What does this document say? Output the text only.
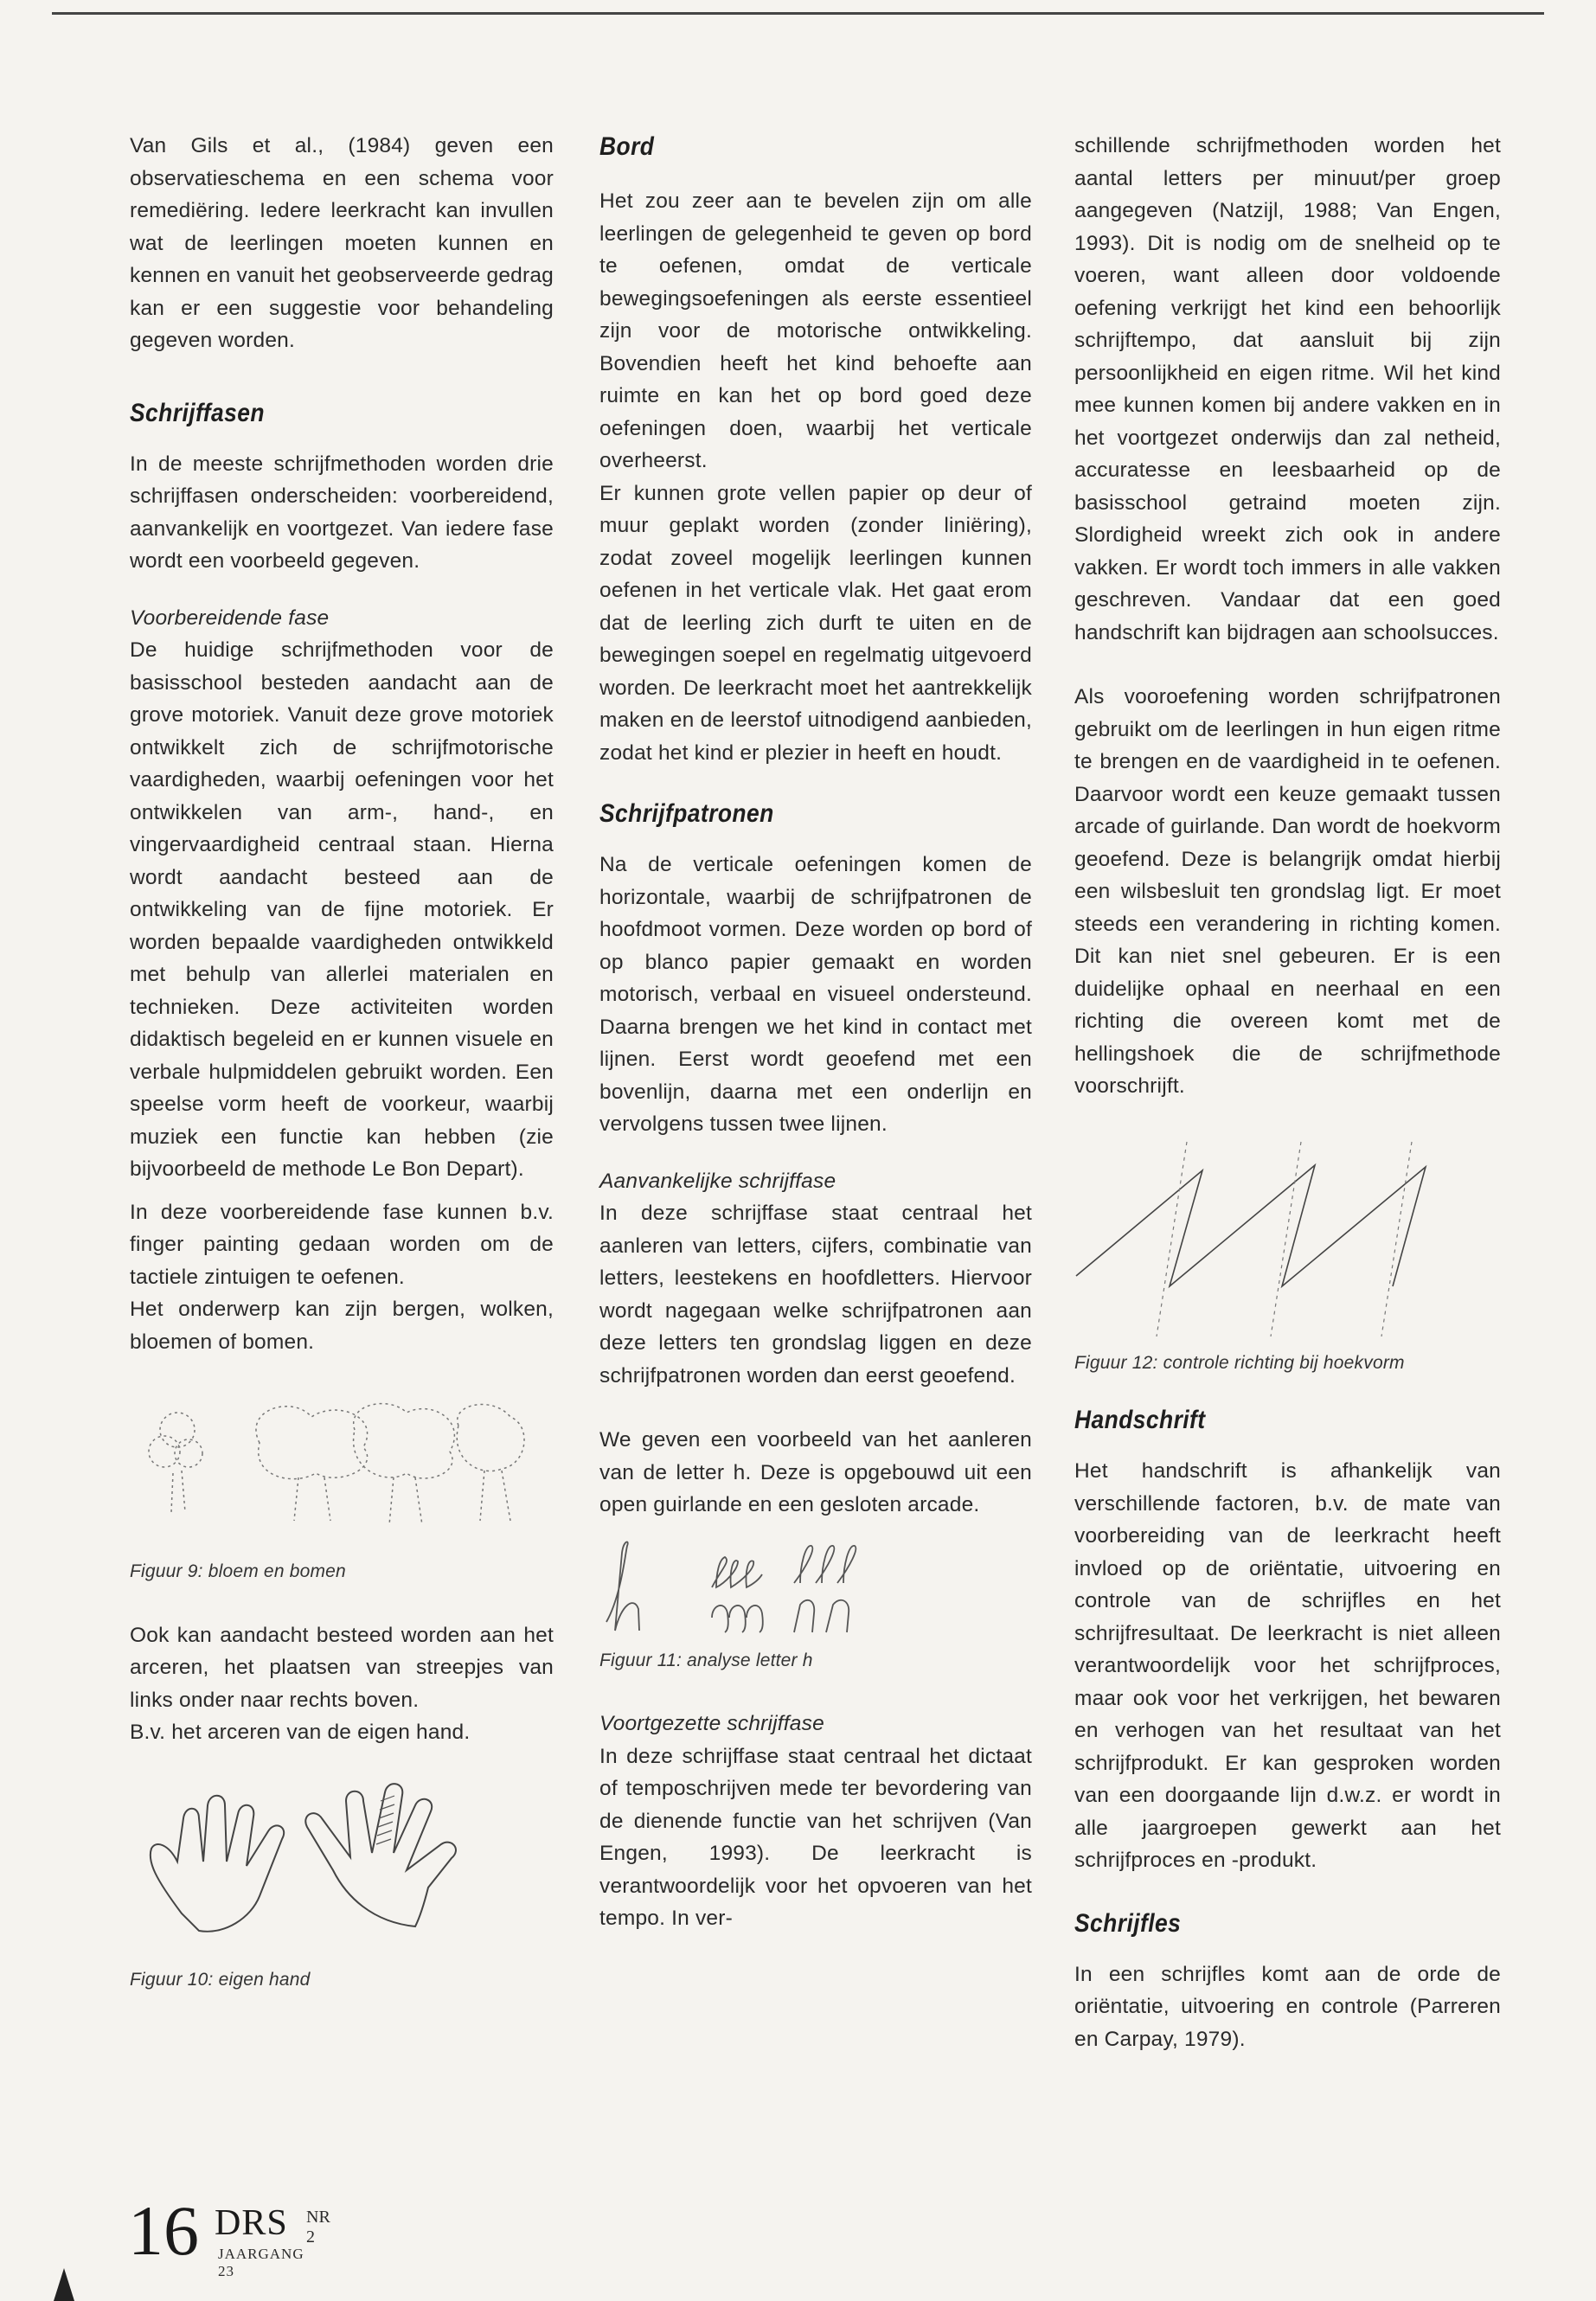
Van Gils et al., (1984) geven een observatieschema en een schema voor remediëring. Iedere leerkracht kan invullen wat de leerlingen moeten kunnen en kennen en vanuit het geobserveerde gedrag kan er een suggestie voor behandeling gegeven worden.

Schrijffasen

In de meeste schrijfmethoden worden drie schrijffasen onderscheiden: voorbereidend, aanvankelijk en voortgezet. Van iedere fase wordt een voorbeeld gegeven.

Voorbereidende fase

De huidige schrijfmethoden voor de basisschool besteden aandacht aan de grove motoriek. Vanuit deze grove motoriek ontwikkelt zich de schrijfmotorische vaardigheden, waarbij oefeningen voor het ontwikkelen van arm-, hand-, en vingervaardigheid centraal staan. Hierna wordt aandacht besteed aan de ontwikkeling van de fijne motoriek. Er worden bepaalde vaardigheden ontwikkeld met behulp van allerlei materialen en technieken. Deze activiteiten worden didaktisch begeleid en er kunnen visuele en verbale hulpmiddelen gebruikt worden. Een speelse vorm heeft de voorkeur, waarbij muziek een functie kan hebben (zie bijvoorbeeld de methode Le Bon Depart).

In deze voorbereidende fase kunnen b.v. finger painting gedaan worden om de tactiele zintuigen te oefenen.

Het onderwerp kan zijn bergen, wolken, bloemen of bomen.

Figuur 9: bloem en bomen

Ook kan aandacht besteed worden aan het arceren, het plaatsen van streepjes van links onder naar rechts boven.

B.v. het arceren van de eigen hand.

Figuur 10: eigen hand

Bord

Het zou zeer aan te bevelen zijn om alle leerlingen de gelegenheid te geven op bord te oefenen, omdat de verticale bewegingsoefeningen als eerste essentieel zijn voor de motorische ontwikkeling. Bovendien heeft het kind behoefte aan ruimte en kan het op bord goed deze oefeningen doen, waarbij het verticale overheerst.

Er kunnen grote vellen papier op deur of muur geplakt worden (zonder liniëring), zodat zoveel mogelijk leerlingen kunnen oefenen in het verticale vlak. Het gaat erom dat de leerling zich durft te uiten en de bewegingen soepel en regelmatig uitgevoerd worden. De leerkracht moet het aantrekkelijk maken en de leerstof uitnodigend aanbieden, zodat het kind er plezier in heeft en houdt.

Schrijfpatronen

Na de verticale oefeningen komen de horizontale, waarbij de schrijfpatronen de hoofdmoot vormen. Deze worden op bord of op blanco papier gemaakt en worden motorisch, verbaal en visueel ondersteund. Daarna brengen we het kind in contact met lijnen. Eerst wordt geoefend met een bovenlijn, daarna met een onderlijn en vervolgens tussen twee lijnen.

Aanvankelijke schrijffase

In deze schrijffase staat centraal het aanleren van letters, cijfers, combinatie van letters, leestekens en hoofdletters. Hiervoor wordt nagegaan welke schrijfpatronen aan deze letters ten grondslag liggen en deze schrijfpatronen worden dan eerst geoefend.

We geven een voorbeeld van het aanleren van de letter h. Deze is opgebouwd uit een open guirlande en een gesloten arcade.

Figuur 11: analyse letter h

Voortgezette schrijffase

In deze schrijffase staat centraal het dictaat of temposchrijven mede ter bevordering van de dienende functie van het schrijven (Van Engen, 1993). De leerkracht is verantwoordelijk voor het opvoeren van het tempo. In ver-

schillende schrijfmethoden worden het aantal letters per minuut/per groep aangegeven (Natzijl, 1988; Van Engen, 1993). Dit is nodig om de snelheid op te voeren, want alleen door voldoende oefening verkrijgt het kind een behoorlijk schrijftempo, dat aansluit bij zijn persoonlijkheid en eigen ritme. Wil het kind mee kunnen komen bij andere vakken en in het voortgezet onderwijs dan zal netheid, accuratesse en leesbaarheid op de basisschool getraind moeten zijn. Slordigheid wreekt zich ook in andere vakken. Er wordt toch immers in alle vakken geschreven. Vandaar dat een goed handschrift kan bijdragen aan schoolsucces.

Als vooroefening worden schrijfpatronen gebruikt om de leerlingen in hun eigen ritme te brengen en de vaardigheid in te oefenen. Daarvoor wordt een keuze gemaakt tussen arcade of guirlande. Dan wordt de hoekvorm geoefend. Deze is belangrijk omdat hierbij een wilsbesluit ten grondslag ligt. Er moet steeds een verandering in richting komen. Dit kan niet snel gebeuren. Er is een duidelijke ophaal en neerhaal en een richting die overeen komt met de hellingshoek die de schrijfmethode voorschrijft.

Figuur 12: controle richting bij hoekvorm

Handschrift

Het handschrift is afhankelijk van verschillende factoren, b.v. de mate van voorbereiding van de leerkracht heeft invloed op de oriëntatie, uitvoering en controle van de schrijfles en het schrijfresultaat. De leerkracht is niet alleen verantwoordelijk voor het schrijfproces, maar ook voor het verkrijgen, het bewaren en verhogen van het resultaat van het schrijfprodukt. Er kan gesproken worden van een doorgaande lijn d.w.z. er wordt in alle jaargroepen gewerkt aan het schrijfproces en -produkt.

Schrijfles

In een schrijfles komt aan de orde de oriëntatie, uitvoering en controle (Parreren en Carpay, 1979).

16 DRS NR 2
JAARGANG 23
